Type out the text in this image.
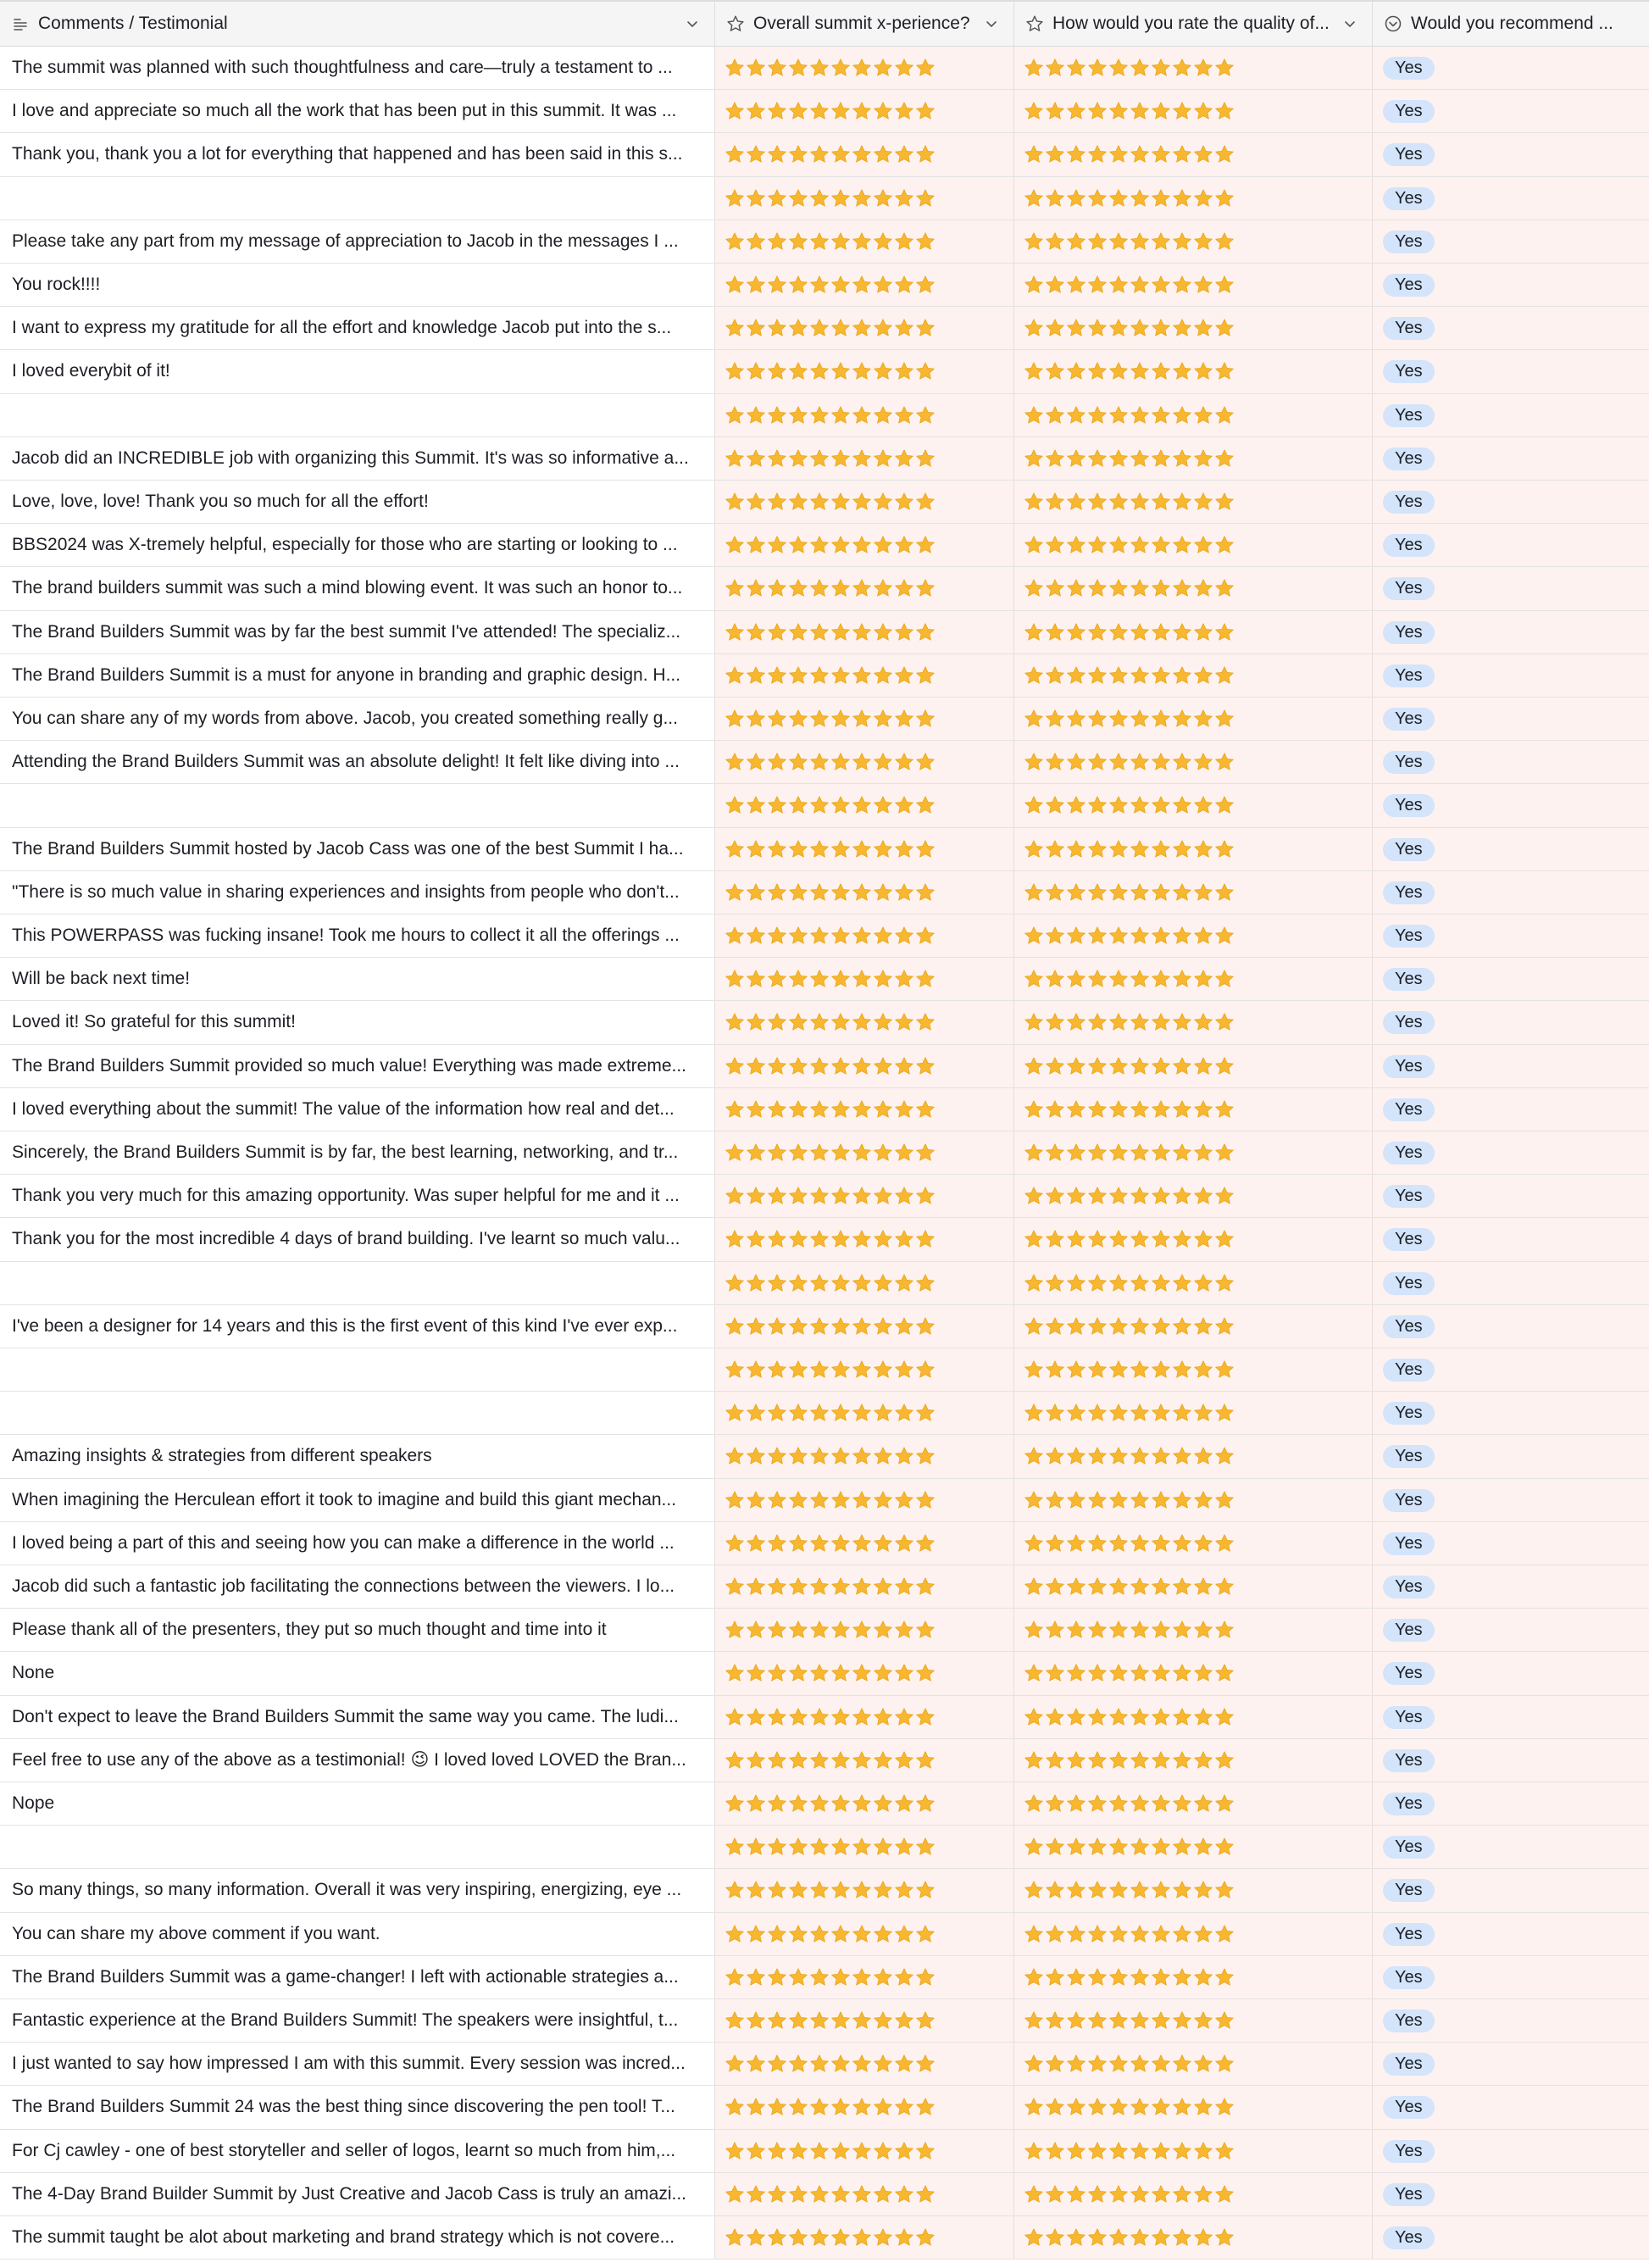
Comments / Testimonial	Overall summit x-perience?	How would you rate the quality of...	Would you recommend ...
The summit was planned with such thoughtfulness and care—truly a testament to ...	Yes
I love and appreciate so much all the work that has been put in this summit. It was ...	Yes
Thank you, thank you a lot for everything that happened and has been said in this s...	Yes
Yes
Please take any part from my message of appreciation to Jacob in the messages I ...	Yes
You rock!!!!	Yes
I want to express my gratitude for all the effort and knowledge Jacob put into the s...	Yes
I loved everybit of it!	Yes
Yes
Jacob did an INCREDIBLE job with organizing this Summit. It's was so informative a...	Yes
Love, love, love! Thank you so much for all the effort!	Yes
BBS2024 was X-tremely helpful, especially for those who are starting or looking to ...	Yes
The brand builders summit was such a mind blowing event. It was such an honor to...	Yes
The Brand Builders Summit was by far the best summit I've attended! The specializ...	Yes
The Brand Builders Summit is a must for anyone in branding and graphic design. H...	Yes
You can share any of my words from above. Jacob, you created something really g...	Yes
Attending the Brand Builders Summit was an absolute delight! It felt like diving into ...	Yes
Yes
The Brand Builders Summit hosted by Jacob Cass was one of the best Summit I ha...	Yes
"There is so much value in sharing experiences and insights from people who don't...	Yes
This POWERPASS was fucking insane! Took me hours to collect it all the offerings ...	Yes
Will be back next time!	Yes
Loved it! So grateful for this summit!	Yes
The Brand Builders Summit provided so much value! Everything was made extreme...	Yes
I loved everything about the summit! The value of the information how real and det...	Yes
Sincerely, the Brand Builders Summit is by far, the best learning, networking, and tr...	Yes
Thank you very much for this amazing opportunity. Was super helpful for me and it ...	Yes
Thank you for the most incredible 4 days of brand building. I've learnt so much valu...	Yes
Yes
I've been a designer for 14 years and this is the first event of this kind I've ever exp...	Yes
Yes
Yes
Amazing insights & strategies from different speakers	Yes
When imagining the Herculean effort it took to imagine and build this giant mechan...	Yes
I loved being a part of this and seeing how you can make a difference in the world ...	Yes
Jacob did such a fantastic job facilitating the connections between the viewers. I lo...	Yes
Please thank all of the presenters, they put so much thought and time into it	Yes
None	Yes
Don't expect to leave the Brand Builders Summit the same way you came. The ludi...	Yes
Feel free to use any of the above as a testimonial! 😉 I loved loved LOVED the Bran...	Yes
Nope	Yes
Yes
So many things, so many information. Overall it was very inspiring, energizing, eye ...	Yes
You can share my above comment if you want.	Yes
The Brand Builders Summit was a game-changer! I left with actionable strategies a...	Yes
Fantastic experience at the Brand Builders Summit! The speakers were insightful, t...	Yes
I just wanted to say how impressed I am with this summit. Every session was incred...	Yes
The Brand Builders Summit 24 was the best thing since discovering the pen tool! T...	Yes
For Cj cawley - one of best storyteller and seller of logos, learnt so much from him,...	Yes
The 4-Day Brand Builder Summit by Just Creative and Jacob Cass is truly an amazi...	Yes
The summit taught be alot about marketing and brand strategy which is not covere...	Yes
